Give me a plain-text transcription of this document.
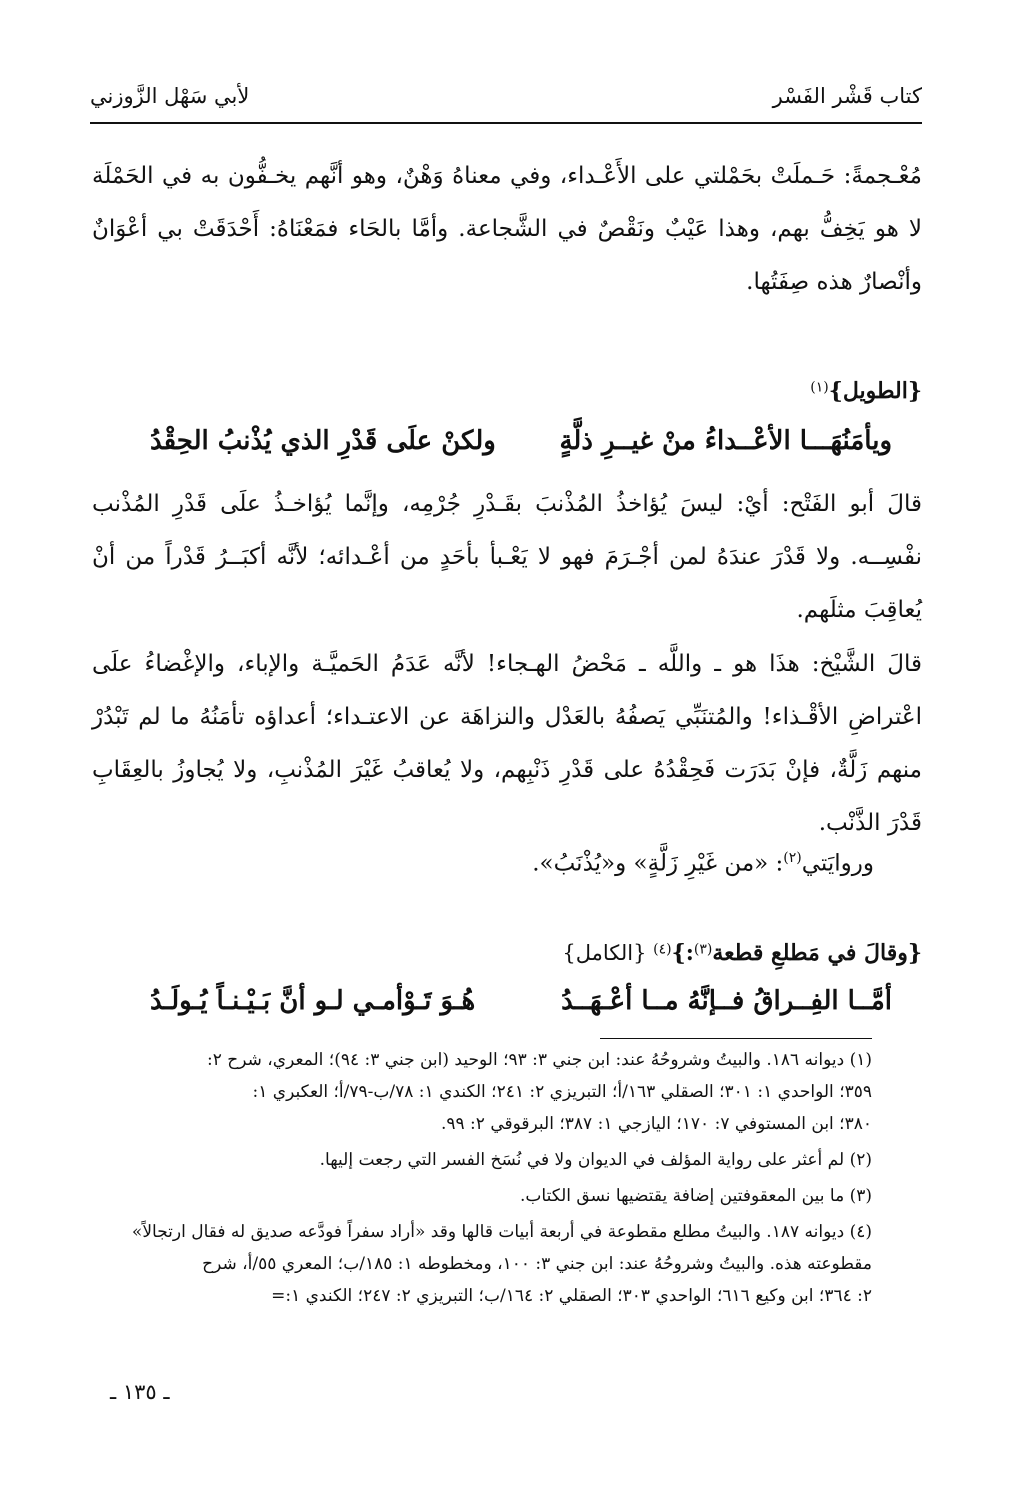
كتاب قَشْر الفَسْر
لأبي سَهْل الزَّوزني

مُعْـجمةً: حَـملَتْ بحَمْلتي على الأَعْـداء، وفي معناهُ وَهْنٌ، وهو أنَّهم يخـفُّون به في الحَمْلَة لا هو يَخِفُّ بهم، وهذا عَيْبٌ ونَقْصٌ في الشَّجاعة. وأمَّا بالحَاء فمَعْنَاهُ: أَحْدَقَتْ بي أعْوَانٌ وأنْصارٌ هذه صِفَتُها.

{الطويل}(١)
ويأمَنُهَـــا الأعْــداءُ منْ غيــرِ ذلَّةٍ
ولكنْ علَى قَدْرِ الذي يُذْنبُ الحِقْدُ

قالَ أبو الفَتْح: أيْ: ليسَ يُؤاخذُ المُذْنبَ بقَـدْرِ جُرْمِه، وإنَّما يُؤاخـذُ علَى قَدْرِ المُذْنب نفْسِــه. ولا قَدْرَ عندَهُ لمن أجْـرَمَ فهو لا يَعْـبأ بأحَدٍ من أعْـدائه؛ لأنَّه أكبَــرُ قَدْراً من أنْ يُعاقِبَ مثلَهم.

قالَ الشَّيْخ: هذَا هو ـ واللَّه ـ مَحْضُ الهـجاء! لأنَّه عَدَمُ الحَميَّـة والإباء، والإغْضاءُ علَى اعْتراضِ الأقْـذاء! والمُتنَبِّي يَصفُهُ بالعَدْل والنزاهَة عن الاعتـداء؛ أعداؤه تأمَنُهُ ما لم تَبْدُرْ منهم زَلَّةٌ، فإنْ بَدَرَت فَحِقْدُهُ على قَدْرِ ذَنْبِهم، ولا يُعاقبُ غَيْرَ المُذْنبِ، ولا يُجاوزُ بالعِقَابِ قَدْرَ الذَّنْب.

وروايَتي$^{(٢)}$: «من غَيْرِ زَلَّةٍ» و«يُذْنَبُ».

{وقالَ في مَطلعِ قطعة(٣):}(٤) {الكامل}
أمَّــا الفِــراقُ فــإنَّهُ مــا أعْـهَــدُ
هُـوَ تَـوْأمـي لـو أنَّ بَـيْـنـاً يُـولَـدُ

(١) ديوانه ١٨٦. والبيتُ وشروحُهُ عند: ابن جني ٣: ٩٣؛ الوحيد (ابن جني ٣: ٩٤)؛ المعري، شرح ٢:

٣٥٩؛ الواحدي ١: ٣٠١؛ الصقلي ١٦٣/أ؛ التبريزي ٢: ٢٤١؛ الكندي ١: ٧٨/ب-٧٩/أ؛ العكبري ١:

٣٨٠؛ ابن المستوفي ٧: ١٧٠؛ اليازجي ١: ٣٨٧؛ البرقوقي ٢: ٩٩.

(٢) لم أعثر على رواية المؤلف في الديوان ولا في نُسَخ الفسر التي رجعت إليها.

(٣) ما بين المعقوفتين إضافة يقتضيها نسق الكتاب.

(٤) ديوانه ١٨٧. والبيتُ مطلع مقطوعة في أربعة أبيات قالها وقد «أراد سفراً فودَّعه صديق له فقال ارتجالاً»

مقطوعته هذه. والبيتُ وشروحُهُ عند: ابن جني ٣: ١٠٠، ومخطوطه ١: ١٨٥/ب؛ المعري ٥٥/أ، شرح

٢: ٣٦٤؛ ابن وكيع ٦١٦؛ الواحدي ٣٠٣؛ الصقلي ٢: ١٦٤/ب؛ التبريزي ٢: ٢٤٧؛ الكندي ١:=

ـ ١٣٥ ـ
